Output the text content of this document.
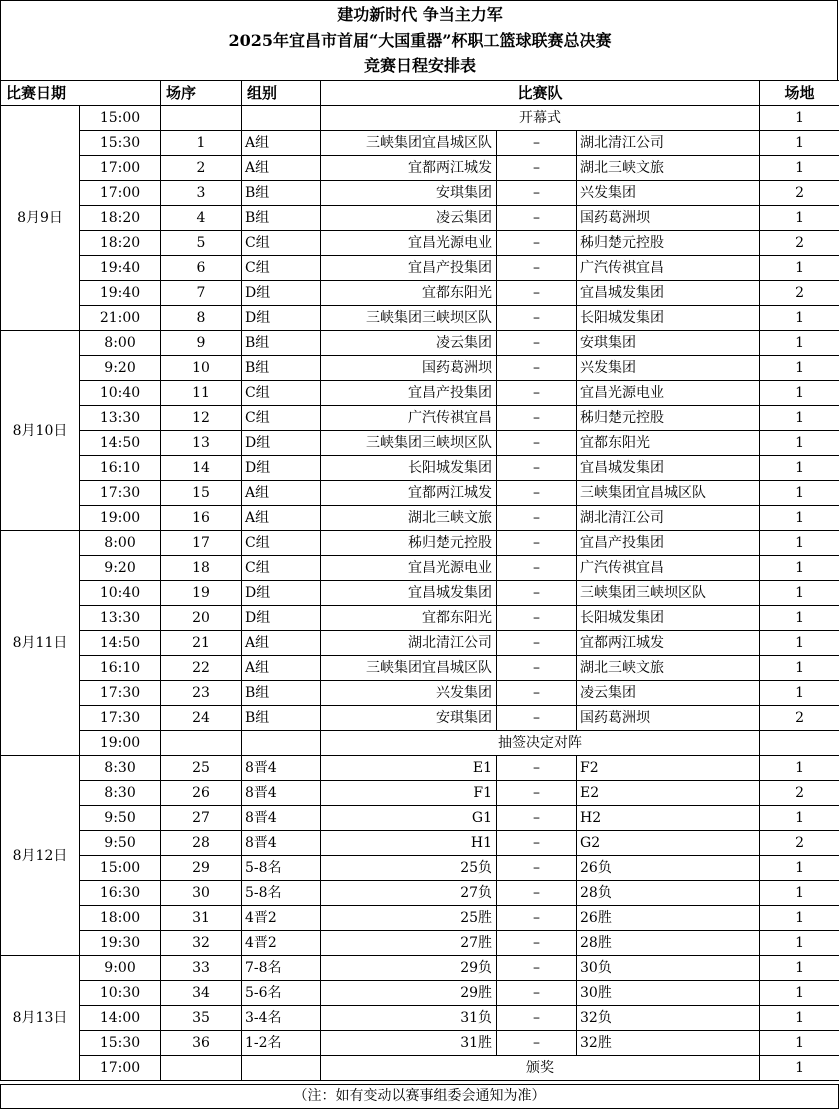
建功新时代 争当主力军
2025年宜昌市首届“大国重器”杯职工篮球联赛总决赛
竞赛日程安排表
比赛日期		场序	组别	比赛队			场地
8月9日	15:00			开幕式			1
	15:30	1	A组	三峡集团宜昌城区队	–	湖北清江公司	1
	17:00	2	A组	宜都两江城发	–	湖北三峡文旅	1
	17:00	3	B组	安琪集团	–	兴发集团	2
	18:20	4	B组	凌云集团	–	国药葛洲坝	1
	18:20	5	C组	宜昌光源电业	–	秭归楚元控股	2
	19:40	6	C组	宜昌产投集团	–	广汽传祺宜昌	1
	19:40	7	D组	宜都东阳光	–	宜昌城发集团	2
	21:00	8	D组	三峡集团三峡坝区队	–	长阳城发集团	1
8月10日	8:00	9	B组	凌云集团	–	安琪集团	1
	9:20	10	B组	国药葛洲坝	–	兴发集团	1
	10:40	11	C组	宜昌产投集团	–	宜昌光源电业	1
	13:30	12	C组	广汽传祺宜昌	–	秭归楚元控股	1
	14:50	13	D组	三峡集团三峡坝区队	–	宜都东阳光	1
	16:10	14	D组	长阳城发集团	–	宜昌城发集团	1
	17:30	15	A组	宜都两江城发	–	三峡集团宜昌城区队	1
	19:00	16	A组	湖北三峡文旅	–	湖北清江公司	1
8月11日	8:00	17	C组	秭归楚元控股	–	宜昌产投集团	1
	9:20	18	C组	宜昌光源电业	–	广汽传祺宜昌	1
	10:40	19	D组	宜昌城发集团	–	三峡集团三峡坝区队	1
	13:30	20	D组	宜都东阳光	–	长阳城发集团	1
	14:50	21	A组	湖北清江公司	–	宜都两江城发	1
	16:10	22	A组	三峡集团宜昌城区队	–	湖北三峡文旅	1
	17:30	23	B组	兴发集团	–	凌云集团	1
	17:30	24	B组	安琪集团	–	国药葛洲坝	2
	19:00			抽签决定对阵			
8月12日	8:30	25	8晋4	E1	–	F2	1
	8:30	26	8晋4	F1	–	E2	2
	9:50	27	8晋4	G1	–	H2	1
	9:50	28	8晋4	H1	–	G2	2
	15:00	29	5-8名	25负	–	26负	1
	16:30	30	5-8名	27负	–	28负	1
	18:00	31	4晋2	25胜	–	26胜	1
	19:30	32	4晋2	27胜	–	28胜	1
8月13日	9:00	33	7-8名	29负	–	30负	1
	10:30	34	5-6名	29胜	–	30胜	1
	14:00	35	3-4名	31负	–	32负	1
	15:30	36	1-2名	31胜	–	32胜	1
	17:00			颁奖			1
（注：如有变动以赛事组委会通知为准）
